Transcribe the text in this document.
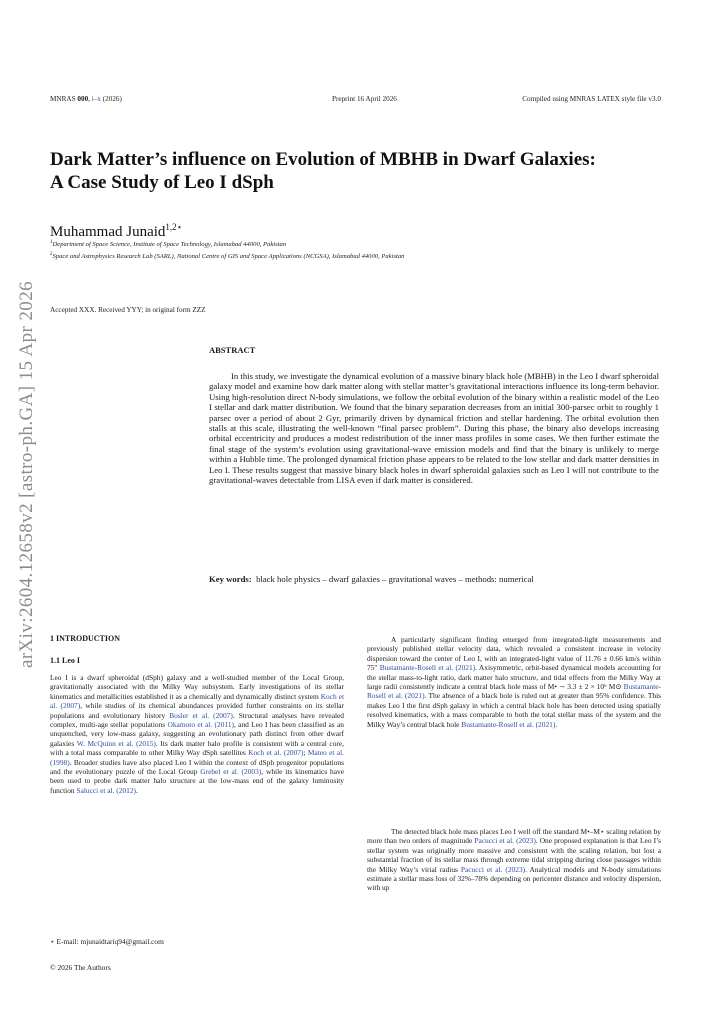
MNRAS 000, i–x (2026)	Preprint 16 April 2026	Compiled using MNRAS LATEX style file v3.0
Dark Matter’s influence on Evolution of MBHB in Dwarf Galaxies:
A Case Study of Leo I dSph
Muhammad Junaid$^{1,2⋆}$
$^1$Department of Space Science, Institute of Space Technology, Islamabad 44000, Pakistan
$^2$Space and Astrophysics Research Lab (SARL), National Centre of GIS and Space Applications (NCGSA), Islamabad 44000, Pakistan
Accepted XXX. Received YYY; in original form ZZZ
arXiv:2604.12658v2 [astro-ph.GA] 15 Apr 2026	ABSTRACT
In this study, we investigate the dynamical evolution of a massive binary black hole (MBHB) in the Leo I dwarf spheroidal galaxy model and examine how dark matter along with stellar matter’s gravitational interactions influence its long-term behavior. Using high-resolution direct N-body simulations, we follow the orbital evolution of the binary within a realistic model of the Leo I stellar and dark matter distribution. We found that the binary separation decreases from an initial 300-parsec orbit to roughly 1 parsec over a period of about 2 Gyr, primarily driven by dynamical friction and stellar hardening. The orbital evolution then stalls at this scale, illustrating the well-known “final parsec problem”. During this phase, the binary also develops increasing orbital eccentricity and produces a modest redistribution of the inner mass profiles in some cases. We then further estimate the final stage of the system’s evolution using gravitational-wave emission models and find that the binary is unlikely to merge within a Hubble time. The prolonged dynamical friction phase appears to be related to the low stellar and dark matter densities in Leo I. These results suggest that massive binary black holes in dwarf spheroidal galaxies such as Leo I will not contribute to the gravitational-waves detectable from LISA even if dark matter is considered.
Key words: black hole physics – dwarf galaxies – gravitational waves – methods: numerical
1 INTRODUCTION
1.1 Leo I
Leo I is a dwarf spheroidal (dSph) galaxy and a well-studied member of the Local Group, gravitationally associated with the Milky Way subsystem. Early investigations of its stellar kinematics and metallicities established it as a chemically and dynamically distinct system Koch et al. (2007), while studies of its chemical abundances provided further constraints on its stellar populations and evolutionary history Bosler et al. (2007). Structural analyses have revealed complex, multi-age stellar populations Okamoto et al. (2011), and Leo I has been classified as an unquenched, very low-mass galaxy, suggesting an evolutionary path distinct from other dwarf galaxies W. McQuinn et al. (2015). Its dark matter halo profile is consistent with a central core, with a total mass comparable to other Milky Way dSph satellites Koch et al. (2007); Mateo et al. (1998). Broader studies have also placed Leo I within the context of dSph progenitor populations and the evolutionary puzzle of the Local Group Grebel et al. (2003), while its kinematics have been used to probe dark matter halo structure at the low-mass end of the galaxy luminosity function Salucci et al. (2012).
A particularly significant finding emerged from integrated-light measurements and previously published stellar velocity data, which revealed a consistent increase in velocity dispersion toward the center of Leo I, with an integrated-light value of 11.76 ± 0.66 km/s within 75″ Bustamante-Rosell et al. (2021). Axisymmetric, orbit-based dynamical models accounting for the stellar mass-to-light ratio, dark matter halo structure, and tidal effects from the Milky Way at large radii consistently indicate a central black hole mass of M• ∼ 3.3 ± 2 × 10⁶ M⊙ Bustamante-Rosell et al. (2021). The absence of a black hole is ruled out at greater than 95% confidence. This makes Leo I the first dSph galaxy in which a central black hole has been detected using spatially resolved kinematics, with a mass comparable to both the total stellar mass of the system and the Milky Way’s central black hole Bustamante-Rosell et al. (2021).
The detected black hole mass places Leo I well off the standard M•–M⋆ scaling relation by more than two orders of magnitude Pacucci et al. (2023). One proposed explanation is that Leo I’s stellar system was originally more massive and consistent with the scaling relation, but lost a substantial fraction of its stellar mass through extreme tidal stripping during close passages within the Milky Way’s virial radius Pacucci et al. (2023). Analytical models and N-body simulations estimate a stellar mass loss of 32%–78% depending on pericenter distance and velocity dispersion, with up
⋆ E-mail: mjunaidtariq94@gmail.com
© 2026 The Authors
